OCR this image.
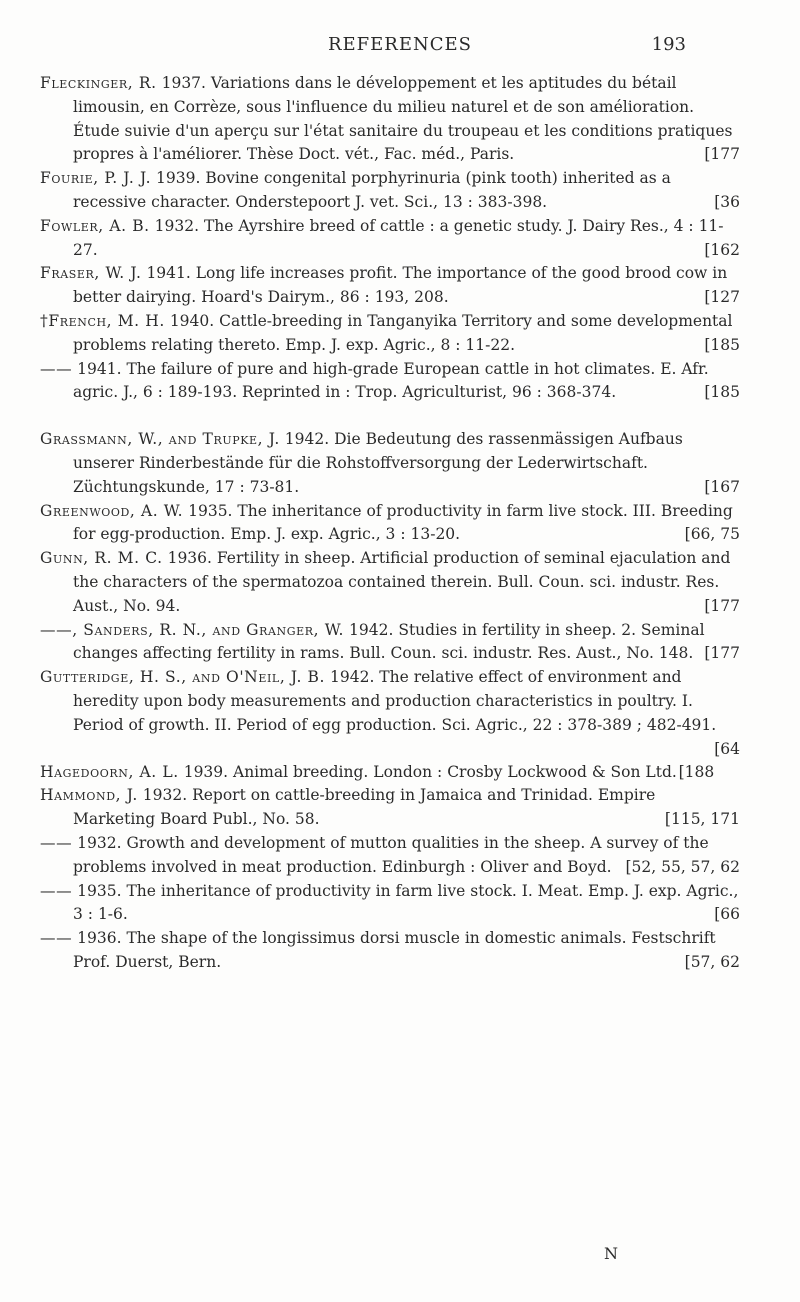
REFERENCES	193

Fleckinger, R. 1937. Variations dans le développement et les aptitudes du bétail limousin, en Corrèze, sous l'influence du milieu naturel et de son amélioration. Étude suivie d'un aperçu sur l'état sanitaire du troupeau et les conditions pratiques propres à l'améliorer. Thèse Doct. vét., Fac. méd., Paris.	[177

Fourie, P. J. J. 1939. Bovine congenital porphyrinuria (pink tooth) inherited as a recessive character. Onderstepoort J. vet. Sci., 13 : 383-398.	[36

Fowler, A. B. 1932. The Ayrshire breed of cattle : a genetic study. J. Dairy Res., 4 : 11-27.	[162

Fraser, W. J. 1941. Long life increases profit. The importance of the good brood cow in better dairying. Hoard's Dairym., 86 : 193, 208.	[127

†French, M. H. 1940. Cattle-breeding in Tanganyika Territory and some developmental problems relating thereto. Emp. J. exp. Agric., 8 : 11-22.	[185

—— 1941. The failure of pure and high-grade European cattle in hot climates. E. Afr. agric. J., 6 : 189-193. Reprinted in : Trop. Agriculturist, 96 : 368-374.	[185

Grassmann, W., and Trupke, J. 1942. Die Bedeutung des rassenmässigen Aufbaus unserer Rinderbestände für die Rohstoffversorgung der Lederwirtschaft. Züchtungskunde, 17 : 73-81.	[167

Greenwood, A. W. 1935. The inheritance of productivity in farm live stock. III. Breeding for egg-production. Emp. J. exp. Agric., 3 : 13-20.	[66, 75

Gunn, R. M. C. 1936. Fertility in sheep. Artificial production of seminal ejaculation and the characters of the spermatozoa contained therein. Bull. Coun. sci. industr. Res. Aust., No. 94.	[177

——, Sanders, R. N., and Granger, W. 1942. Studies in fertility in sheep. 2. Seminal changes affecting fertility in rams. Bull. Coun. sci. industr. Res. Aust., No. 148. [177

Gutteridge, H. S., and O'Neil, J. B. 1942. The relative effect of environment and heredity upon body measurements and production characteristics in poultry. I. Period of growth. II. Period of egg production. Sci. Agric., 22 : 378-389 ; 482-491.
[64

Hagedoorn, A. L. 1939. Animal breeding. London : Crosby Lockwood & Son Ltd. [188

Hammond, J. 1932. Report on cattle-breeding in Jamaica and Trinidad. Empire Marketing Board Publ., No. 58.	[115, 171

—— 1932. Growth and development of mutton qualities in the sheep. A survey of the problems involved in meat production. Edinburgh : Oliver and Boyd. [52, 55, 57, 62

—— 1935. The inheritance of productivity in farm live stock. I. Meat. Emp. J. exp. Agric., 3 : 1-6.	[66

—— 1936. The shape of the longissimus dorsi muscle in domestic animals. Festschrift Prof. Duerst, Bern.	[57, 62

N
